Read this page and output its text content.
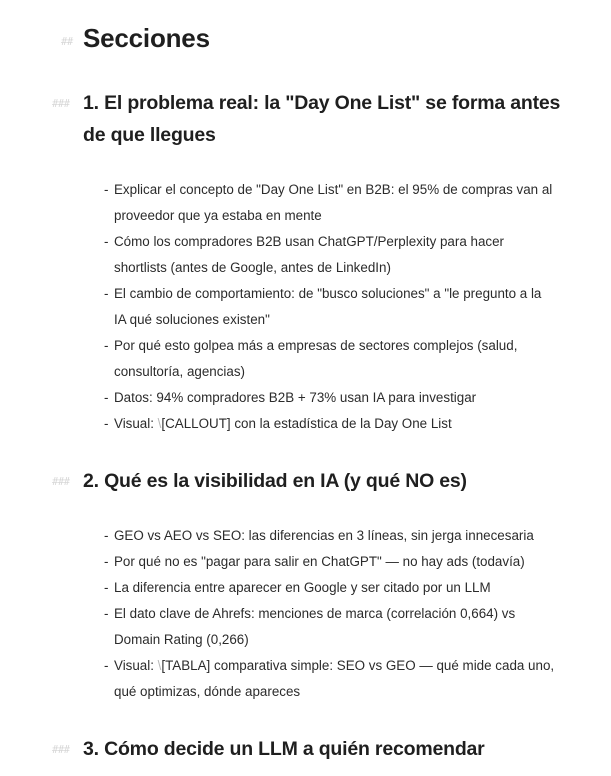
## Secciones
### 1. El problema real: la "Day One List" se forma antes
de que llegues
- Explicar el concepto de "Day One List" en B2B: el 95% de compras van al
proveedor que ya estaba en mente
- Cómo los compradores B2B usan ChatGPT/Perplexity para hacer
shortlists (antes de Google, antes de LinkedIn)
- El cambio de comportamiento: de "busco soluciones" a "le pregunto a la
IA qué soluciones existen"
- Por qué esto golpea más a empresas de sectores complejos (salud,
consultoría, agencias)
- Datos: 94% compradores B2B + 73% usan IA para investigar
- Visual: \[CALLOUT] con la estadística de la Day One List
### 2. Qué es la visibilidad en IA (y qué NO es)
- GEO vs AEO vs SEO: las diferencias en 3 líneas, sin jerga innecesaria
- Por qué no es "pagar para salir en ChatGPT" — no hay ads (todavía)
- La diferencia entre aparecer en Google y ser citado por un LLM
- El dato clave de Ahrefs: menciones de marca (correlación 0,664) vs
Domain Rating (0,266)
- Visual: \[TABLA] comparativa simple: SEO vs GEO — qué mide cada uno,
qué optimizas, dónde apareces
### 3. Cómo decide un LLM a quién recomendar
